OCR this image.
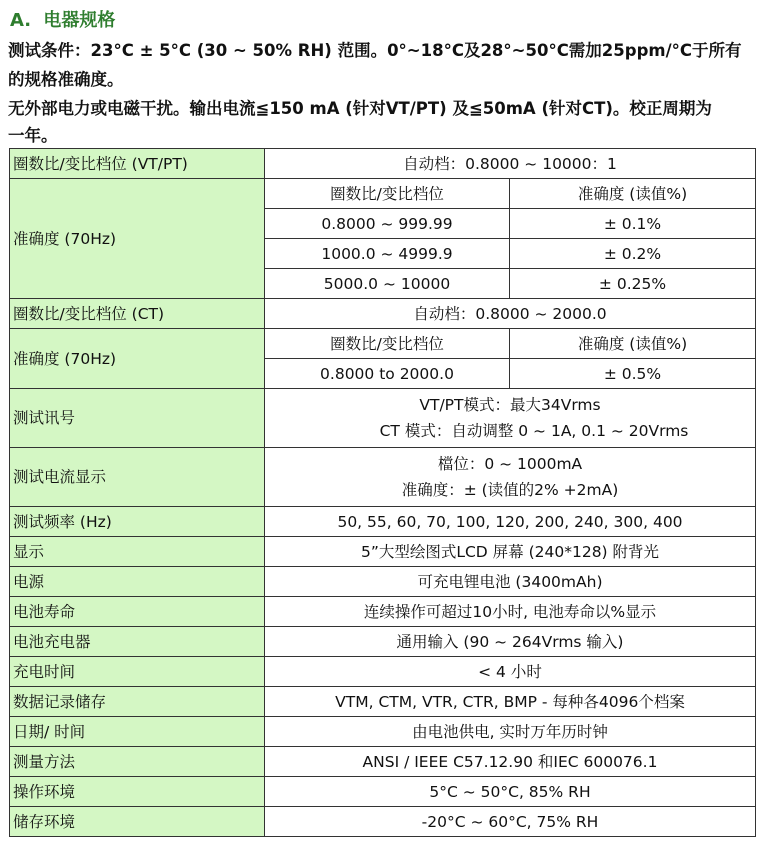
A. 电器规格
测试条件：23°C ± 5°C (30 ~ 50% RH) 范围。0°~18°C及28°~50°C需加25ppm/°C于所有
的规格准确度。
无外部电力或电磁干扰。输出电流≦150 mA (针对VT/PT) 及≦50mA (针对CT)。校正周期为
一年。
圈数比/变比档位 (VT/PT)	自动档：0.8000 ~ 10000：1	
准确度 (70Hz)	圈数比/变比档位	准确度 (读值%)
	0.8000 ~ 999.99	± 0.1%
	1000.0 ~ 4999.9	± 0.2%
	5000.0 ~ 10000	± 0.25%
圈数比/变比档位 (CT)	自动档：0.8000 ~ 2000.0	
准确度 (70Hz)	圈数比/变比档位	准确度 (读值%)
	0.8000 to 2000.0	± 0.5%
测试讯号	VT/PT模式：最大34Vrms
CT 模式：自动调整 0 ~ 1A, 0.1 ~ 20Vrms	

测试电流显示	檔位：0 ~ 1000mA
准确度：± (读值的2% +2mA)	

测试频率 (Hz)	50, 55, 60, 70, 100, 120, 200, 240, 300, 400	
显示	5”大型绘图式LCD 屏幕 (240*128) 附背光	
电源	可充电锂电池 (3400mAh)	
电池寿命	连续操作可超过10小时, 电池寿命以%显示	
电池充电器	通用输入 (90 ~ 264Vrms 输入)	
充电时间	< 4 小时	
数据记录储存	VTM, CTM, VTR, CTR, BMP - 每种各4096个档案	
日期/ 时间	由电池供电, 实时万年历时钟	
测量方法	ANSI / IEEE C57.12.90 和IEC 600076.1	
操作环境	5°C ~ 50°C, 85% RH	
储存环境	-20°C ~ 60°C, 75% RH	
